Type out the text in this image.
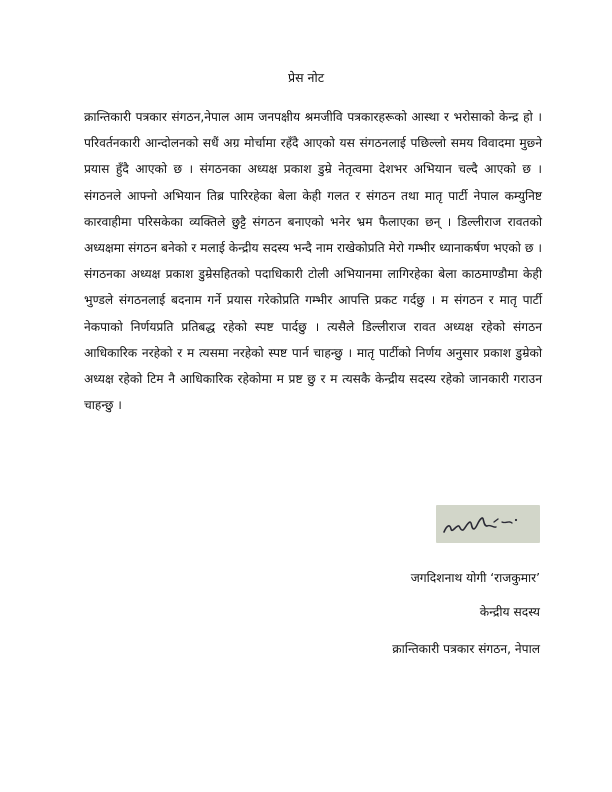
प्रेस नोट

क्रान्तिकारी पत्रकार संगठन,नेपाल आम जनपक्षीय श्रमजीवि पत्रकारहरूको आस्था र भरोसाको केन्द्र हो । परिवर्तनकारी आन्दोलनको सधैं अग्र मोर्चामा रहँदै आएको यस संगठनलाई पछिल्लो समय विवादमा मुछ्ने प्रयास हुँदै आएको छ । संगठनका अध्यक्ष प्रकाश डुम्रे नेतृत्वमा देशभर अभियान चल्दै आएको छ । संगठनले आफ्नो अभियान तिब्र पारिरहेका बेला केही गलत र संगठन तथा मातृ पार्टी नेपाल कम्युनिष्ट कारवाहीमा परिसकेका व्यक्तिले छुट्टै संगठन बनाएको भनेर भ्रम फैलाएका छन् । डिल्लीराज रावतको अध्यक्षमा संगठन बनेको र मलाई केन्द्रीय सदस्य भन्दै नाम राखेकोप्रति मेरो गम्भीर ध्यानाकर्षण भएको छ । संगठनका अध्यक्ष प्रकाश डुम्रेसहितको पदाधिकारी टोली अभियानमा लागिरहेका बेला काठमाण्डौमा केही भुण्डले संगठनलाई बदनाम गर्ने प्रयास गरेकोप्रति गम्भीर आपत्ति प्रकट गर्दछु । म संगठन र मातृ पार्टी नेकपाको निर्णयप्रति प्रतिबद्ध रहेको स्पष्ट पार्दछु । त्यसैले डिल्लीराज रावत अध्यक्ष रहेको संगठन आधिकारिक नरहेको र म त्यसमा नरहेको स्पष्ट पार्न चाहन्छु । मातृ पार्टीको निर्णय अनुसार प्रकाश डुम्रेको अध्यक्ष रहेको टिम नै आधिकारिक रहेकोमा म प्रष्ट छु र म त्यसकै केन्द्रीय सदस्य रहेको जानकारी गराउन चाहन्छु ।

जगदिशनाथ योगी ‘राजकुमार’
केन्द्रीय सदस्य
क्रान्तिकारी पत्रकार संगठन, नेपाल
